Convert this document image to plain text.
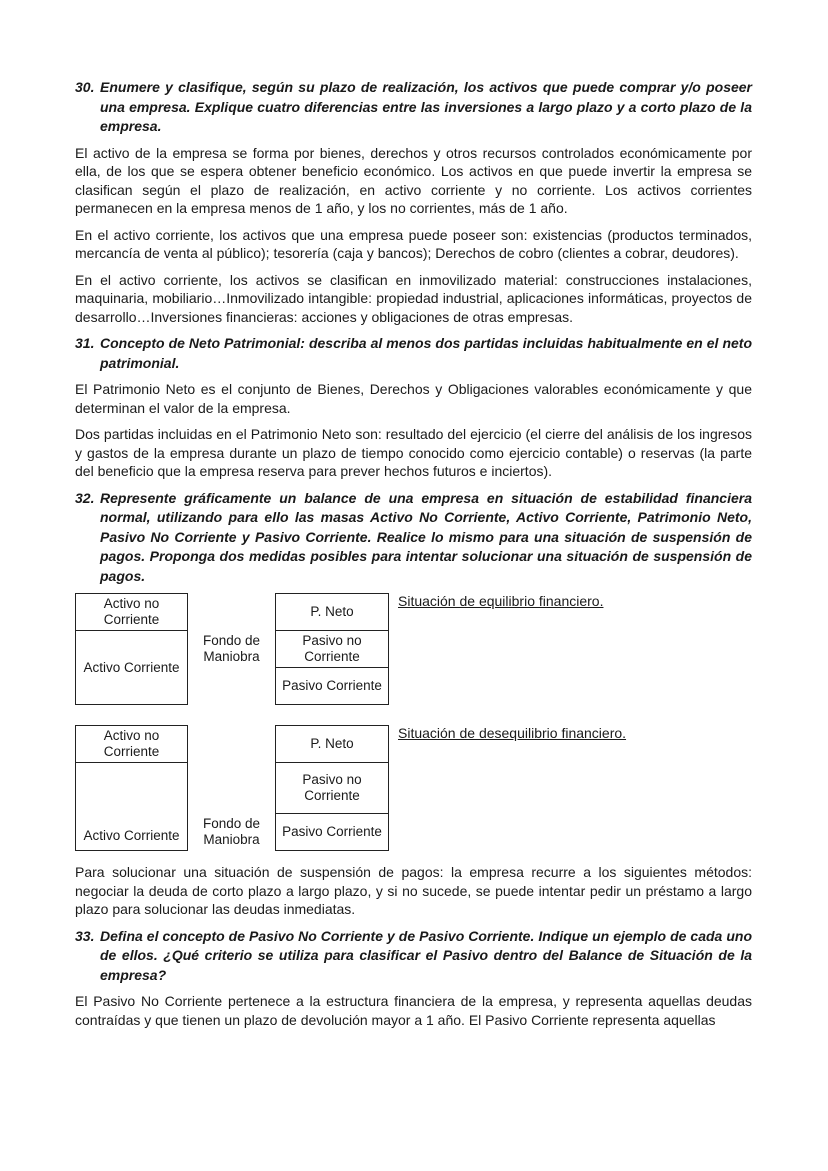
30. Enumere y clasifique, según su plazo de realización, los activos que puede comprar y/o poseer una empresa. Explique cuatro diferencias entre las inversiones a largo plazo y a corto plazo de la empresa.

El activo de la empresa se forma por bienes, derechos y otros recursos controlados económicamente por ella, de los que se espera obtener beneficio económico. Los activos en que puede invertir la empresa se clasifican según el plazo de realización, en activo corriente y no corriente. Los activos corrientes permanecen en la empresa menos de 1 año, y los no corrientes, más de 1 año.

En el activo corriente, los activos que una empresa puede poseer son: existencias (productos terminados, mercancía de venta al público); tesorería (caja y bancos); Derechos de cobro (clientes a cobrar, deudores).

En el activo corriente, los activos se clasifican en inmovilizado material: construcciones instalaciones, maquinaria, mobiliario…Inmovilizado intangible: propiedad industrial, aplicaciones informáticas, proyectos de desarrollo…Inversiones financieras: acciones y obligaciones de otras empresas.

31. Concepto de Neto Patrimonial: describa al menos dos partidas incluidas habitualmente en el neto patrimonial.

El Patrimonio Neto es el conjunto de Bienes, Derechos y Obligaciones valorables económicamente y que determinan el valor de la empresa.

Dos partidas incluidas en el Patrimonio Neto son: resultado del ejercicio (el cierre del análisis de los ingresos y gastos de la empresa durante un plazo de tiempo conocido como ejercicio contable) o reservas (la parte del beneficio que la empresa reserva para prever hechos futuros e inciertos).

32. Represente gráficamente un balance de una empresa en situación de estabilidad financiera normal, utilizando para ello las masas Activo No Corriente, Activo Corriente, Patrimonio Neto, Pasivo No Corriente y Pasivo Corriente. Realice lo mismo para una situación de suspensión de pagos. Proponga dos medidas posibles para intentar solucionar una situación de suspensión de pagos.
Activo no Corriente
Activo Corriente
Fondo de Maniobra
P. Neto
Pasivo no Corriente
Pasivo Corriente
Situación de equilibrio financiero.
Activo no Corriente
Activo Corriente
Fondo de Maniobra
P. Neto
Pasivo no Corriente
Pasivo Corriente
Situación de desequilibrio financiero.

Para solucionar una situación de suspensión de pagos: la empresa recurre a los siguientes métodos: negociar la deuda de corto plazo a largo plazo, y si no sucede, se puede intentar pedir un préstamo a largo plazo para solucionar las deudas inmediatas.

33. Defina el concepto de Pasivo No Corriente y de Pasivo Corriente. Indique un ejemplo de cada uno de ellos. ¿Qué criterio se utiliza para clasificar el Pasivo dentro del Balance de Situación de la empresa?

El Pasivo No Corriente pertenece a la estructura financiera de la empresa, y representa aquellas deudas contraídas y que tienen un plazo de devolución mayor a 1 año. El Pasivo Corriente representa aquellas
